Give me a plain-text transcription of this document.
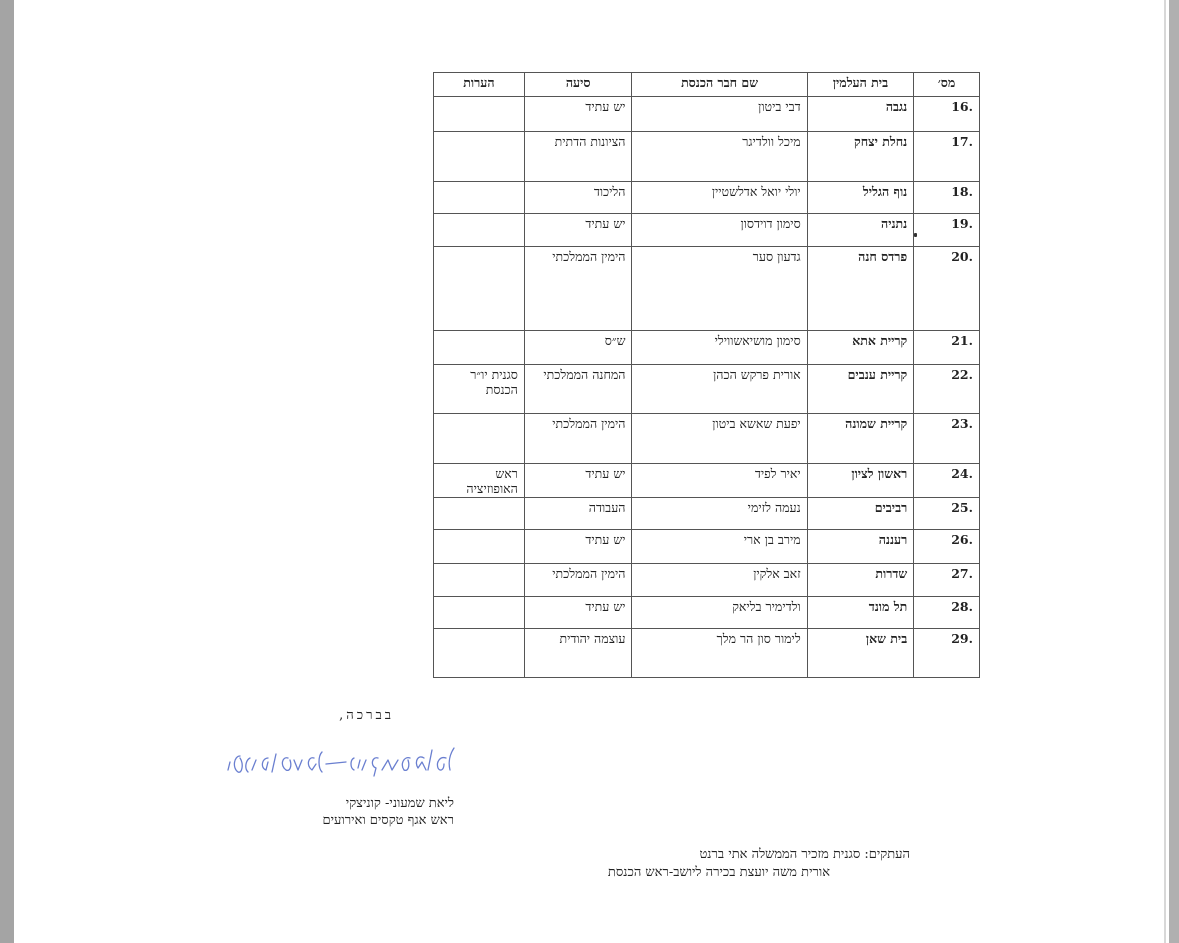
מס׳	בית העלמין	שם חבר הכנסת	סיעה	הערות
.16	נגבה	דבי ביטון	יש עתיד	
.17	נחלת יצחק	מיכל וולדיגר	הציונות הדתית	
.18	נוף הגליל	יולי יואל אדלשטיין	הליכוד	
.19	נתניה	סימון דוידסון	יש עתיד	
.20	פרדס חנה	גדעון סער	הימין הממלכתי	
.21	קריית אתא	סימון מושיאשווילי	ש״ס	
.22	קריית ענבים	אורית פרקש הכהן	המחנה הממלכתי	סגנית יו״ר הכנסת
.23	קריית שמונה	יפעת שאשא ביטון	הימין הממלכתי	
.24	ראשון לציון	יאיר לפיד	יש עתיד	ראש האופוזיציה
.25	רביבים	נעמה לזימי	העבודה	
.26	רעננה	מירב בן ארי	יש עתיד	
.27	שדרות	זאב אלקין	הימין הממלכתי	
.28	תל מונד	ולדימיר בליאק	יש עתיד	
.29	בית שאן	לימור סון הר מלך	עוצמה יהודית	
בברכה,
ליאת שמעוני -קוניצקי
ליאת שמעוני- קוניצקי
ראש אגף טקסים ואירועים
העתקים: סגנית מזכיר הממשלה אתי ברנט
אורית משה יועצת בכירה ליושב-ראש הכנסת
